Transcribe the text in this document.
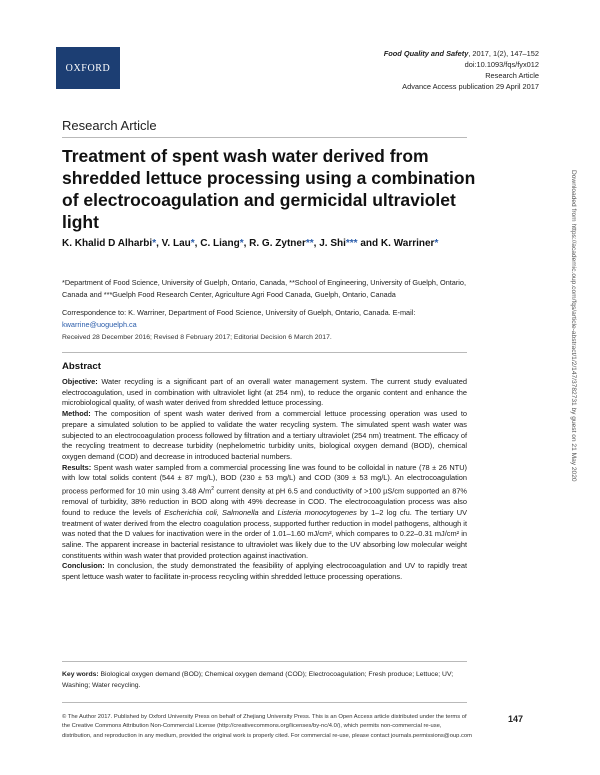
OXFORD
Food Quality and Safety, 2017, 1(2), 147–152
doi:10.1093/fqs/fyx012
Research Article
Advance Access publication 29 April 2017
Research Article
Treatment of spent wash water derived from shredded lettuce processing using a combination of electrocoagulation and germicidal ultraviolet light
K. Khalid D Alharbi*, V. Lau*, C. Liang*, R. G. Zytner**, J. Shi*** and K. Warriner*
*Department of Food Science, University of Guelph, Ontario, Canada, **School of Engineering, University of Guelph, Ontario, Canada and ***Guelph Food Research Center, Agriculture Agri Food Canada, Guelph, Ontario, Canada
Correspondence to: K. Warriner, Department of Food Science, University of Guelph, Ontario, Canada. E-mail: kwarrine@uoguelph.ca
Received 28 December 2016; Revised 8 February 2017; Editorial Decision 6 March 2017.
Abstract

Objective: Water recycling is a significant part of an overall water management system. The current study evaluated electrocoagulation, used in combination with ultraviolet light (at 254 nm), to reduce the organic content and enhance the microbiological quality, of wash water derived from shredded lettuce processing.

Method: The composition of spent wash water derived from a commercial lettuce processing operation was used to prepare a simulated solution to be applied to validate the water recycling system. The simulated spent wash water was subjected to an electrocoagulation process followed by filtration and a tertiary ultraviolet (254 nm) treatment. The efficacy of the recycling treatment to decrease turbidity (nephelometric turbidity units, biological oxygen demand (BOD), chemical oxygen demand (COD) and decrease in introduced bacterial numbers.

Results: Spent wash water sampled from a commercial processing line was found to be colloidal in nature (78 ± 26 NTU) with low total solids content (544 ± 87 mg/L), BOD (230 ± 53 mg/L) and COD (309 ± 53 mg/L). An electrocoagulation process performed for 10 min using 3.48 $A/m^2$ current density at pH 6.5 and conductivity of >100 µS/cm supported an 87% removal of turbidity, 38% reduction in BOD along with 49% decrease in COD. The electrocoagulation process was also found to reduce the levels of Escherichia coli, Salmonella and Listeria monocytogenes by 1–2 log cfu. The tertiary UV treatment of water derived from the electro coagulation process, supported further reduction in model pathogens, although it was noted that the D values for inactivation were in the order of 1.01–1.60 mJ/cm², which compares to 0.22–0.31 mJ/cm² in saline. The apparent increase in bacterial resistance to ultraviolet was likely due to the UV absorbing low molecular weight constituents within wash water that provided protection against inactivation.

Conclusion: In conclusion, the study demonstrated the feasibility of applying electrocoagulation and UV to rapidly treat spent lettuce wash water to facilitate in-process recycling within shredded lettuce processing operations.

Key words: Biological oxygen demand (BOD); Chemical oxygen demand (COD); Electrocoagulation; Fresh produce; Lettuce; UV; Washing; Water recycling.
© The Author 2017. Published by Oxford University Press on behalf of Zhejiang University Press. This is an Open Access article distributed under the terms of the Creative Commons Attribution Non-Commercial License (http://creativecommons.org/licenses/by-nc/4.0/), which permits non-commercial re-use, distribution, and reproduction in any medium, provided the original work is properly cited. For commercial re-use, please contact journals.permissions@oup.com
147
Downloaded from https://academic.oup.com/fqs/article-abstract/1/2/147/3782731 by guest on 21 May 2020
